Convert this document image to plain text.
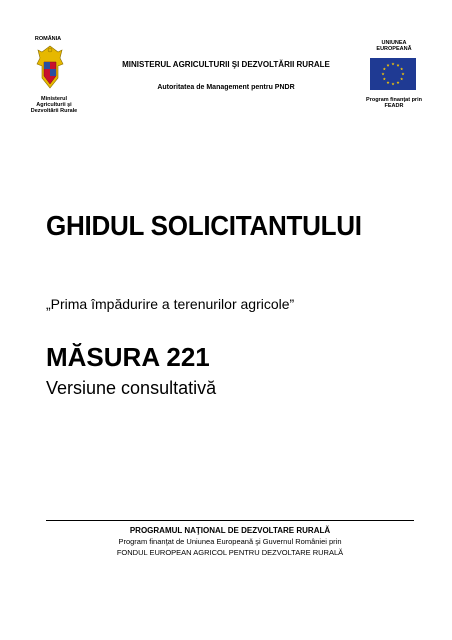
ROMÂNIA
Ministerul Agriculturii şi Dezvoltării Rurale
MINISTERUL AGRICULTURII ŞI DEZVOLTĂRII RURALE
Autoritatea de Management pentru PNDR
UNIUNEA EUROPEANĂ
Program finanţat prin FEADR
GHIDUL SOLICITANTULUI
„Prima împădurire a terenurilor agricole”
MĂSURA 221
Versiune consultativă
PROGRAMUL NAŢIONAL DE DEZVOLTARE RURALĂ
Program finanţat de Uniunea Europeană şi Guvernul României prin
FONDUL EUROPEAN AGRICOL PENTRU DEZVOLTARE RURALĂ
